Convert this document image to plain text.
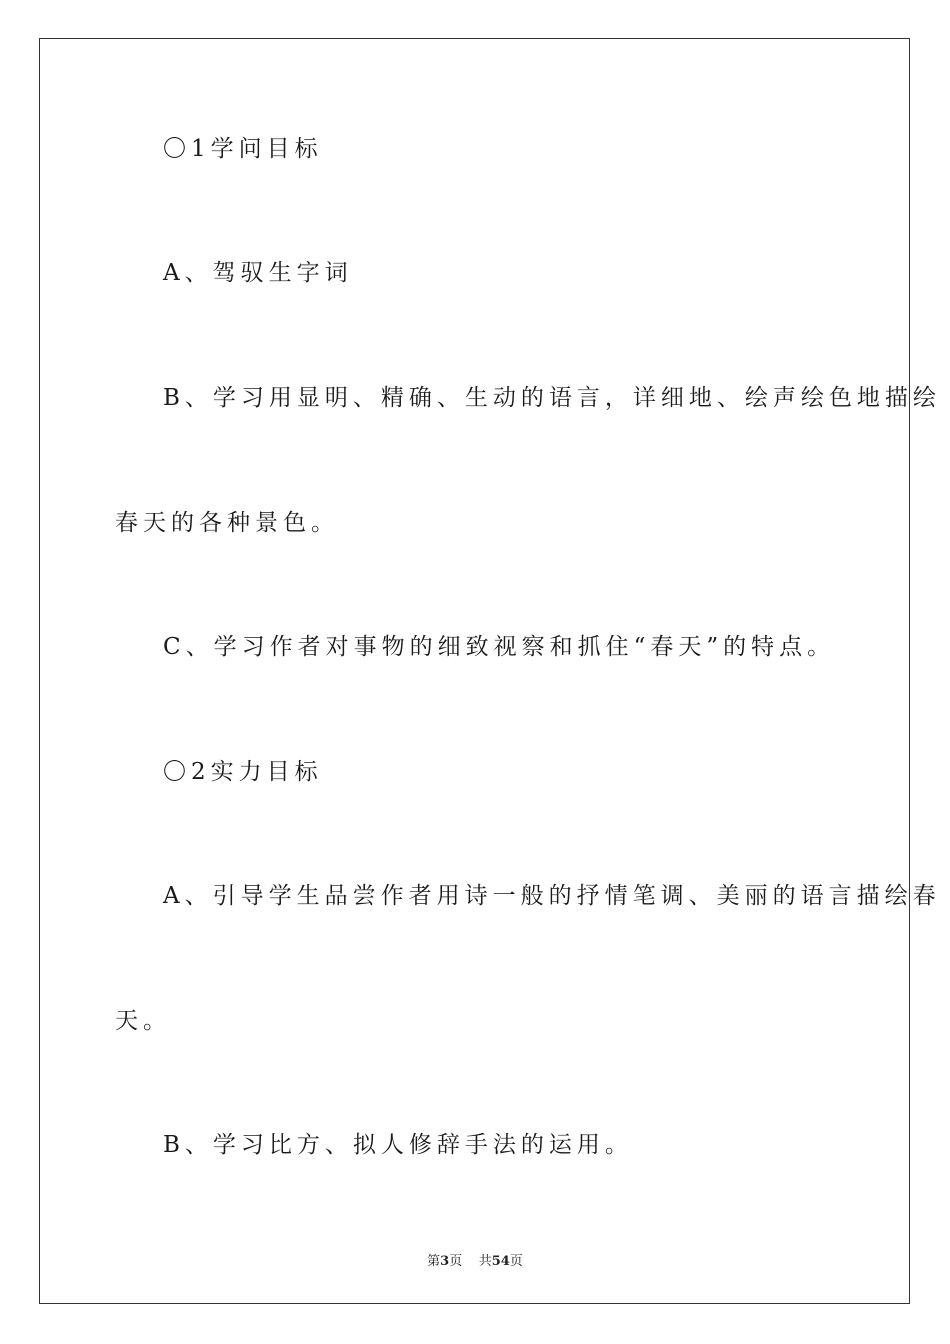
〇1学问目标
A、驾驭生字词
B、学习用显明、精确、生动的语言，详细地、绘声绘色地描绘
春天的各种景色。
C、学习作者对事物的细致视察和抓住“春天”的特点。
〇2实力目标
A、引导学生品尝作者用诗一般的抒情笔调、美丽的语言描绘春
天。
B、学习比方、拟人修辞手法的运用。
第3页 共54页
